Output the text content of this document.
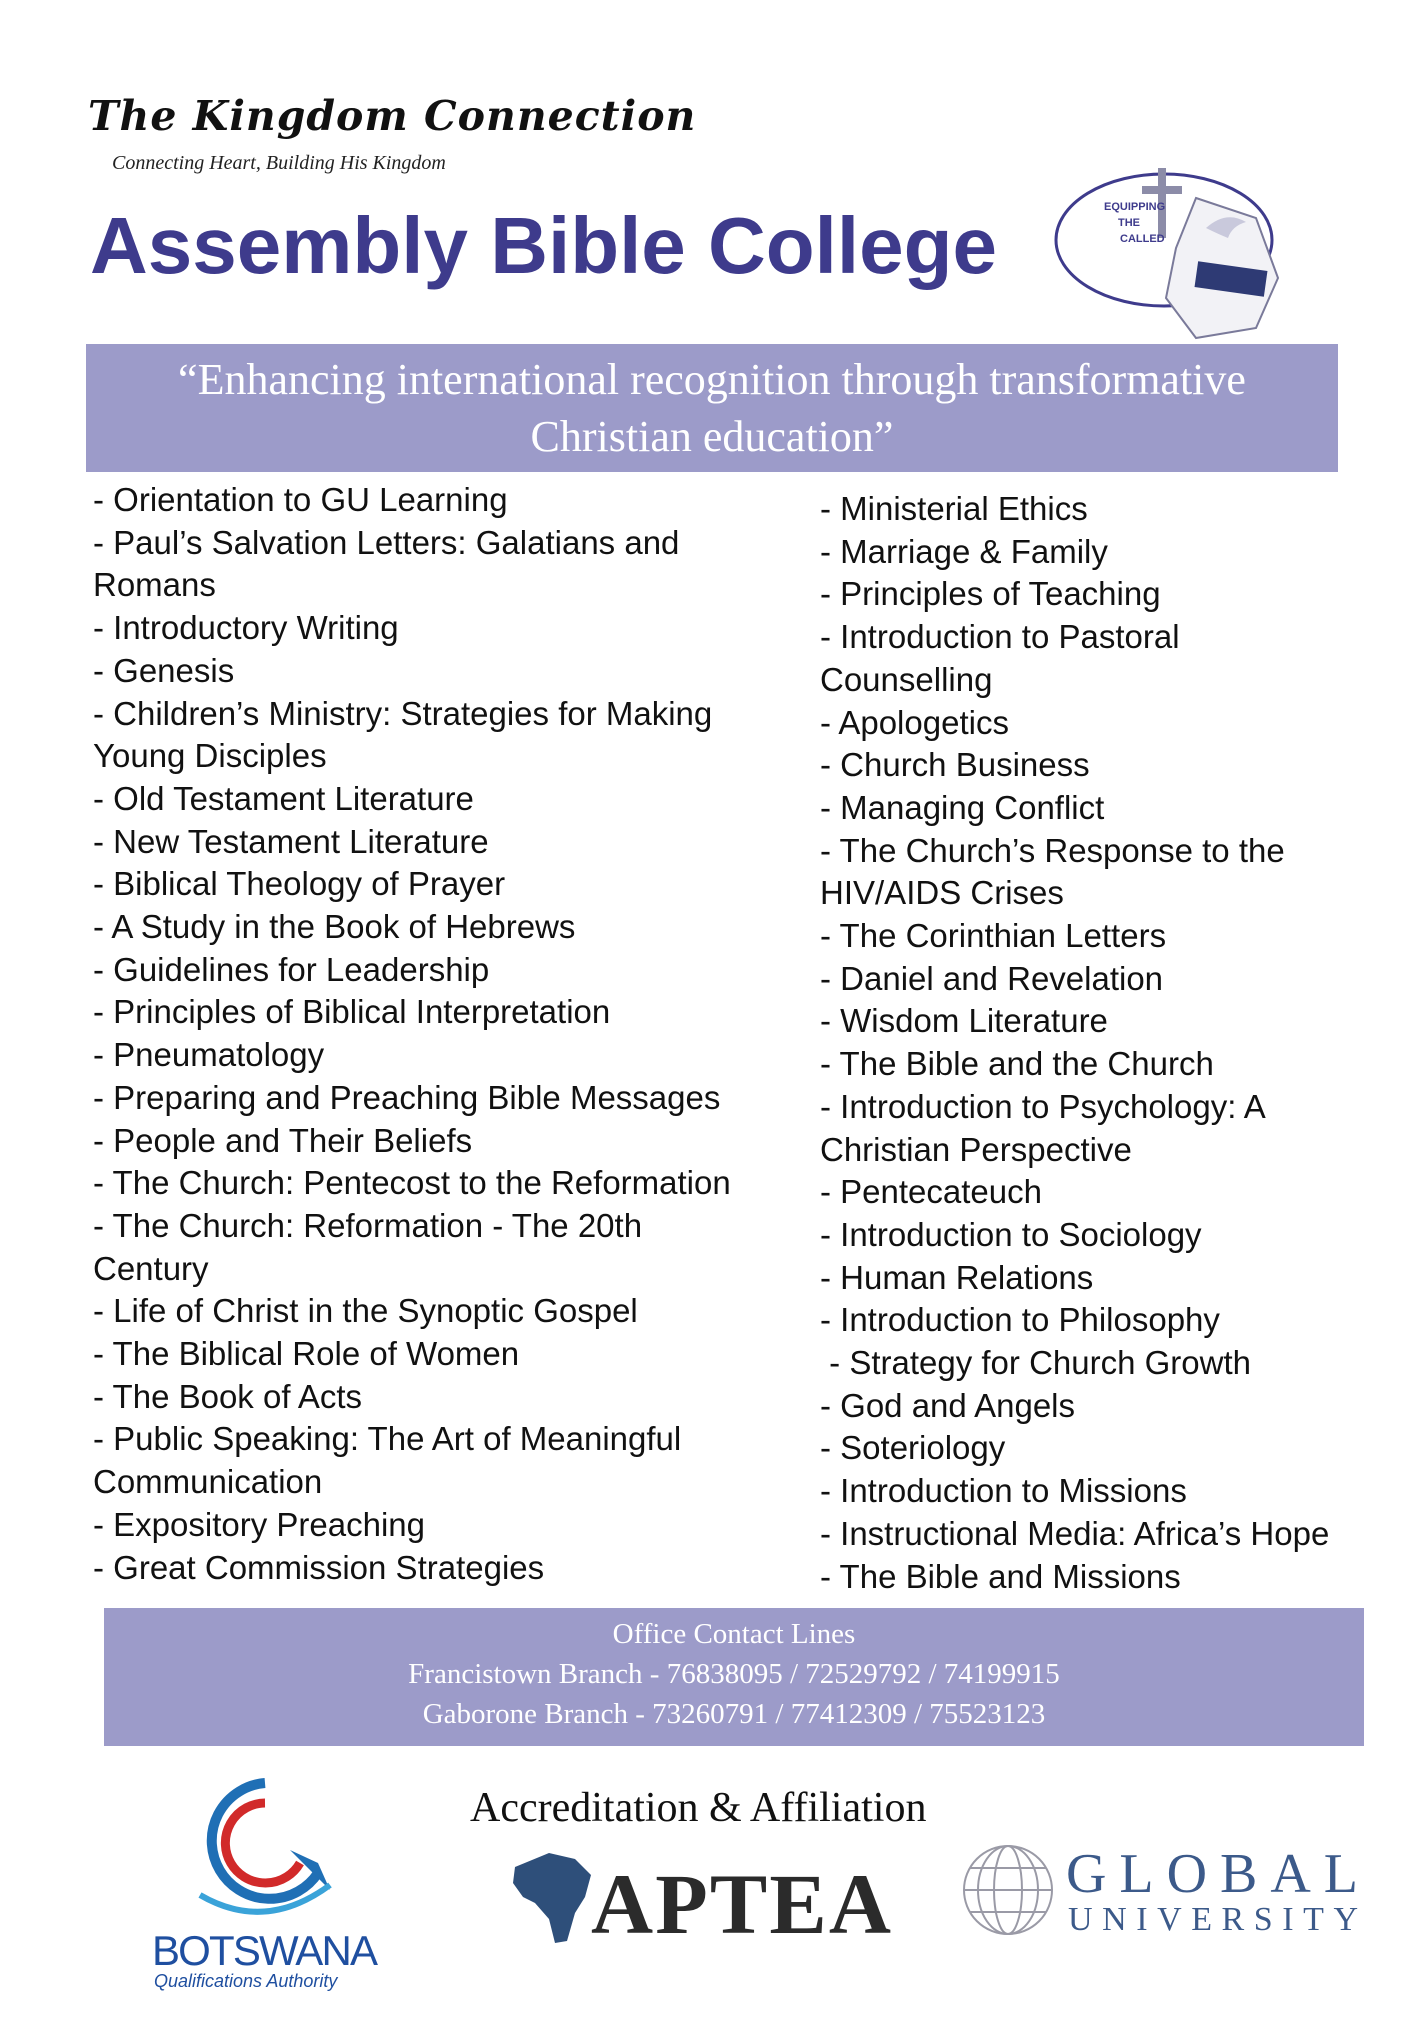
The Kingdom Connection
Connecting Heart, Building His Kingdom
Assembly Bible College	EQUIPPING
THE
CALLED
“Enhancing international recognition through transformative
Christian education”
- Orientation to GU Learning
- Paul’s Salvation Letters: Galatians and
Romans
- Introductory Writing
- Genesis
- Children’s Ministry: Strategies for Making
Young Disciples
- Old Testament Literature
- New Testament Literature
- Biblical Theology of Prayer
- A Study in the Book of Hebrews
- Guidelines for Leadership
- Principles of Biblical Interpretation
- Pneumatology
- Preparing and Preaching Bible Messages
- People and Their Beliefs
- The Church: Pentecost to the Reformation
- The Church: Reformation - The 20th
Century
- Life of Christ in the Synoptic Gospel
- The Biblical Role of Women
- The Book of Acts
- Public Speaking: The Art of Meaningful
Communication
- Expository Preaching
- Great Commission Strategies
- Ministerial Ethics
- Marriage & Family
- Principles of Teaching
- Introduction to Pastoral
Counselling
- Apologetics
- Church Business
- Managing Conflict
- The Church’s Response to the
HIV/AIDS Crises
- The Corinthian Letters
- Daniel and Revelation
- Wisdom Literature
- The Bible and the Church
- Introduction to Psychology: A
Christian Perspective
- Pentecateuch
- Introduction to Sociology
- Human Relations
- Introduction to Philosophy
- Strategy for Church Growth
- God and Angels
- Soteriology
- Introduction to Missions
- Instructional Media: Africa’s Hope
- The Bible and Missions
Office Contact Lines
Francistown Branch - 76838095 / 72529792 / 74199915
Gaborone Branch - 73260791 / 77412309 / 75523123
Accreditation & Affiliation
BOTSWANA
Qualifications Authority
APTEA	GLOBAL
UNIVERSITY
